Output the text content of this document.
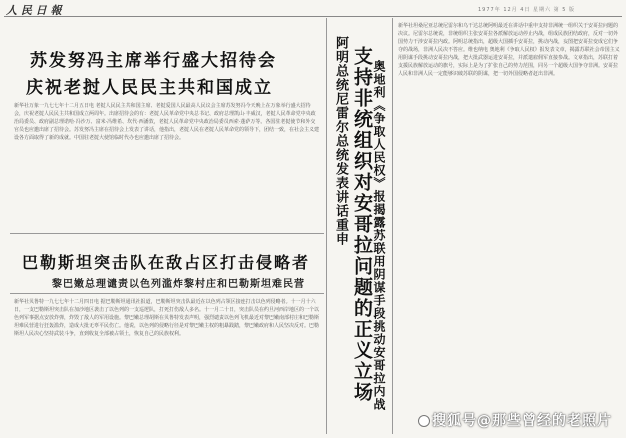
人 民 日 報	1977年 12月 4日 星期六 第 5 版
苏发努冯主席举行盛大招待会
庆祝老挝人民民主共和国成立
新华社万象一九七七年十二月五日电 老挝人民民主共和国主席、老挝爱国人民最高人民议会主席苏发努冯今天晚上在万象举行盛大招待会，庆祝老挝人民民主共和国成立两周年。出席招待会的有：老挝人民革命党中央总书记、政府总理凯山·丰威汉，老挝人民革命党中央政治局委员、政府副总理诺哈·冯沙万、富米·冯维希、坎代·西潘敦，老挝人民革命党中央政治局委员西索·蓬萨万等。各国驻老挝使节和外交官员也应邀出席了招待会。苏发努冯主席在招待会上发表了讲话，他指出，老挝人民在老挝人民革命党的领导下，团结一致，在社会主义建设各方面取得了新的成就。中国驻老挝大使馆临时代办也应邀出席了招待会。
巴勒斯坦突击队在敌占区打击侵略者
黎巴嫩总理谴责以色列滥炸黎村庄和巴勒斯坦难民营
新华社贝鲁特一九七七年十二月四日电 据巴勒斯坦通讯社报道，巴勒斯坦突击队最近在以色列占领区接连打击以色列侵略者。十一月十六日，一支巴勒斯坦突击队在加沙地区袭击了以色列的一支巡逻队，打死打伤敌人多名。十一月二十日，突击队员在约旦河西岸地区的一个以色列军事据点安放炸弹，炸毁了敌人的军用设施。黎巴嫩总理胡斯在贝鲁特发表声明，强烈谴责以色列飞机最近对黎巴嫩南部村庄和巴勒斯坦难民营进行狂轰滥炸，造成大批无辜平民伤亡。他说，以色列的侵略行径是对黎巴嫩主权的粗暴践踏，黎巴嫩政府和人民坚决反对。巴勒斯坦人民决心坚持武装斗争，直到收复全部被占领土，恢复自己的民族权利。
阿明总统尼雷尔总统发表讲话重申 支持非统组织对安哥拉问题的正义立场 奥地利《争取人民权》报揭露苏联用阴谋手段挑动安哥拉内战
新华社坦桑尼亚总统尼雷尔和乌干达总统阿明最近在讲话中重申支持非洲统一组织关于安哥拉问题的决议。尼雷尔总统说，非统组织主张安哥拉各派解放运动停止内战，组成民族团结政府，反对一切外国势力干涉安哥拉内政。阿明总统指出，超级大国插手安哥拉，挑动内战，妄图把安哥拉变成它们争夺的战场，非洲人民决不答应。维也纳电 奥地利《争取人民权》报发表文章，揭露苏联社会帝国主义用阴谋手段挑动安哥拉内战，把大批武器运进安哥拉，并派遣雇佣军直接参战。文章指出，苏联打着支援民族解放运动的旗号，实际上是为了扩张自己的势力范围，同另一个超级大国争夺非洲。安哥拉人民和非洲人民一定能够识破苏联的阴谋，把一切外国侵略者赶出非洲。
搜狐号@那些曾经的老照片
